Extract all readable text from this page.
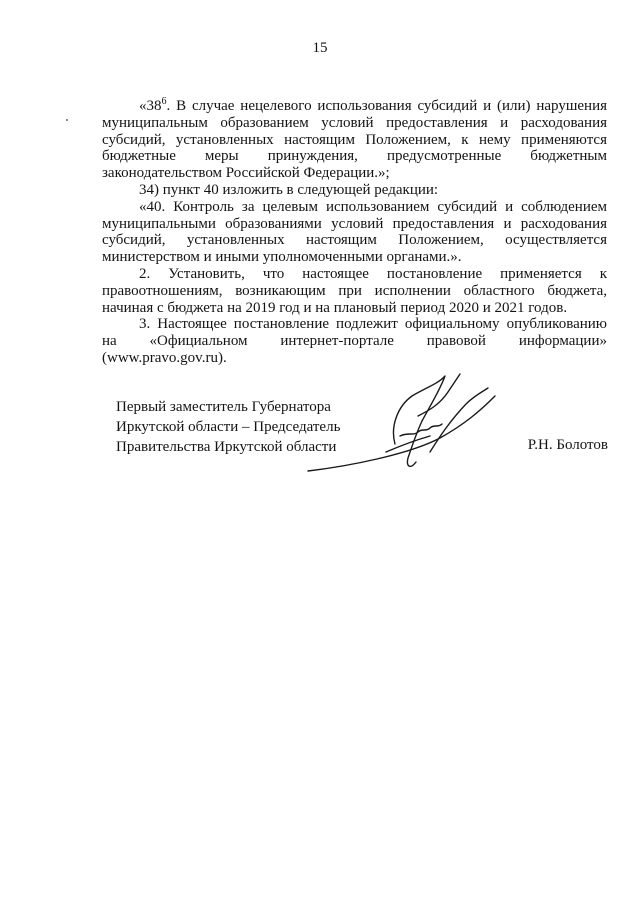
15

«$38^6$. В случае нецелевого использования субсидий и (или) нарушения муниципальным образованием условий предоставления и расходования субсидий, установленных настоящим Положением, к нему применяются бюджетные меры принуждения, предусмотренные бюджетным законодательством Российской Федерации.»;

34) пункт 40 изложить в следующей редакции:

«40. Контроль за целевым использованием субсидий и соблюдением муниципальными образованиями условий предоставления и расходования субсидий, установленных настоящим Положением, осуществляется министерством и иными уполномоченными органами.».

2. Установить, что настоящее постановление применяется к правоотношениям, возникающим при исполнении областного бюджета, начиная с бюджета на 2019 год и на плановый период 2020 и 2021 годов.

3. Настоящее постановление подлежит официальному опубликованию на «Официальном интернет-портале правовой информации» (www.pravo.gov.ru).

Первый заместитель Губернатора
Иркутской области – Председатель
Правительства Иркутской области	Р.Н. Болотов
